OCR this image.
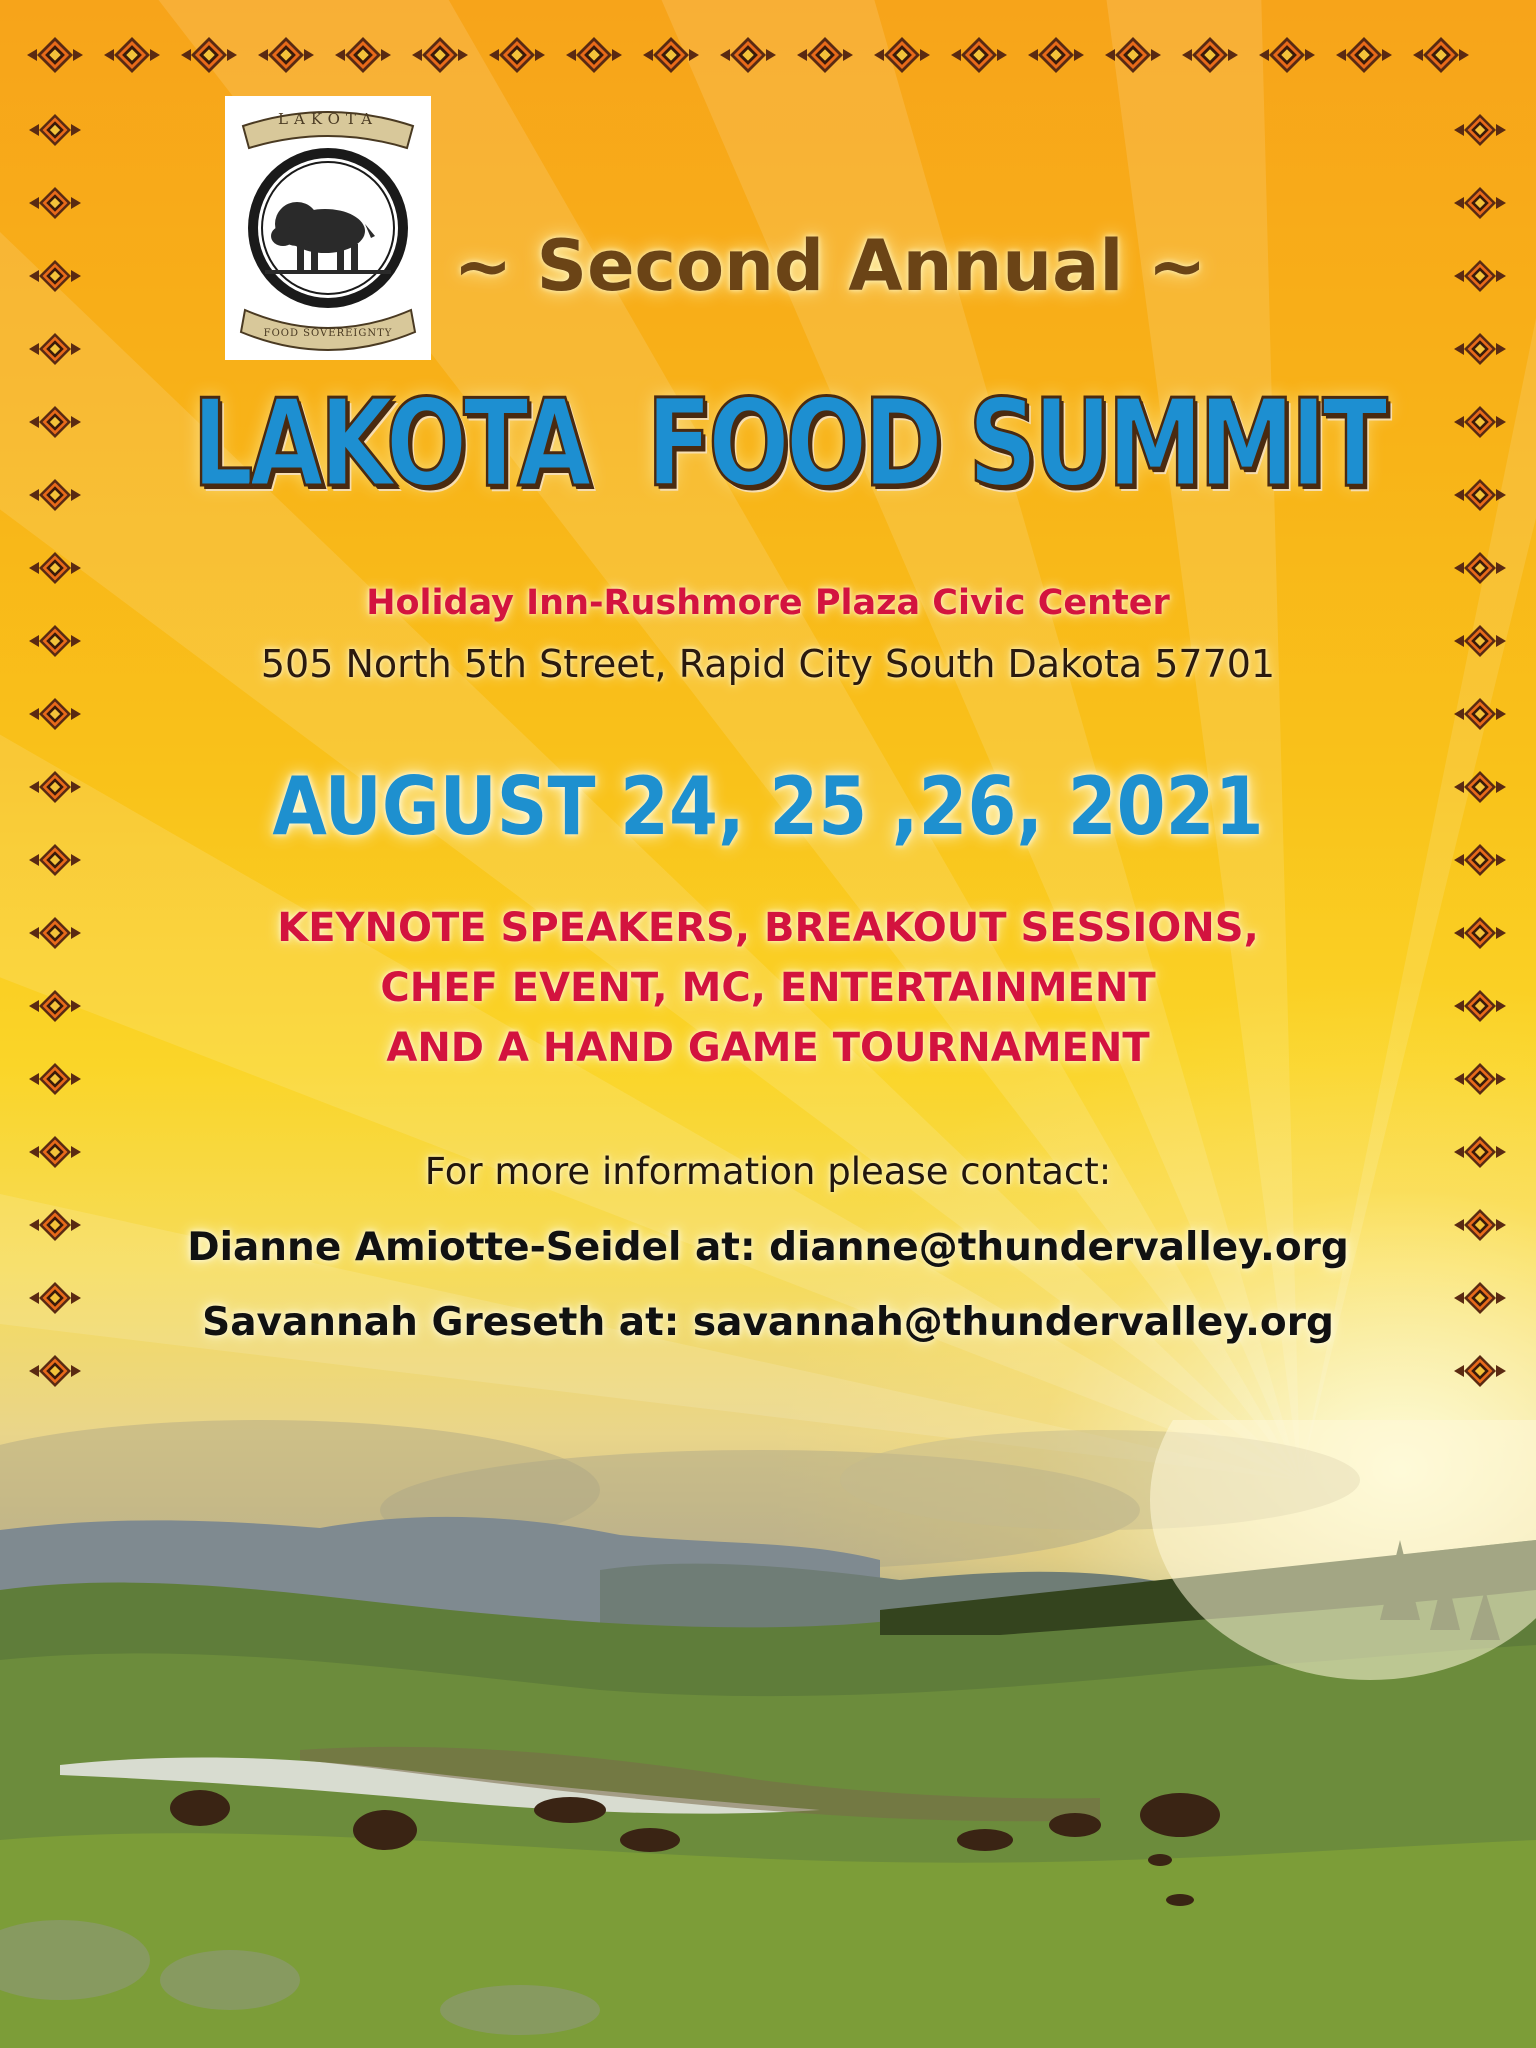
FOOD SOVEREIGNTY
LAKOTA
~ Second Annual ~
LAKOTA  FOOD SUMMIT
Holiday Inn-Rushmore Plaza Civic Center
505 North 5th Street, Rapid City South Dakota 57701
AUGUST 24, 25 ,26, 2021
KEYNOTE SPEAKERS, BREAKOUT SESSIONS,
CHEF EVENT, MC, ENTERTAINMENT
AND A HAND GAME TOURNAMENT
For more information please contact:
Dianne Amiotte-Seidel at: dianne@thundervalley.org
Savannah Greseth at: savannah@thundervalley.org
